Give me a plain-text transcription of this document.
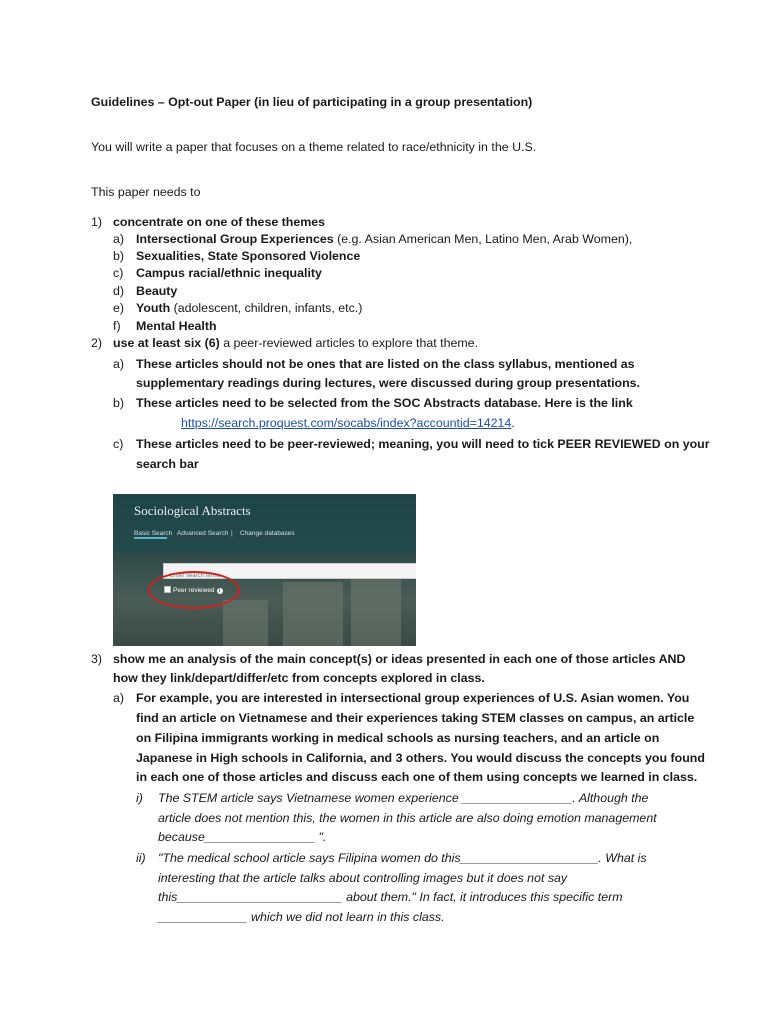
Guidelines – Opt-out Paper (in lieu of participating in a group presentation)
You will write a paper that focuses on a theme related to race/ethnicity in the U.S.
This paper needs to
1) concentrate on one of these themes
a) Intersectional Group Experiences (e.g. Asian American Men, Latino Men, Arab Women),
b) Sexualities, State Sponsored Violence
c) Campus racial/ethnic inequality
d) Beauty
e) Youth (adolescent, children, infants, etc.)
f) Mental Health
2) use at least six (6) a peer-reviewed articles to explore that theme.
a) These articles should not be ones that are listed on the class syllabus, mentioned as
supplementary readings during lectures, were discussed during group presentations.
b) These articles need to be selected from the SOC Abstracts database. Here is the link
https://search.proquest.com/socabs/index?accountid=14214.
c) These articles need to be peer-reviewed; meaning, you will need to tick PEER REVIEWED on your
search bar
Sociological Abstracts
Basic Search Advanced Search | Change databases
Enter search terms
Peer reviewed i
3) show me an analysis of the main concept(s) or ideas presented in each one of those articles AND
how they link/depart/differ/etc from concepts explored in class.
a) For example, you are interested in intersectional group experiences of U.S. Asian women. You
find an article on Vietnamese and their experiences taking STEM classes on campus, an article
on Filipina immigrants working in medical schools as nursing teachers, and an article on
Japanese in High schools in California, and 3 others. You would discuss the concepts you found
in each one of those articles and discuss each one of them using concepts we learned in class.
i) The STEM article says Vietnamese women experience ________________. Although the
article does not mention this, the women in this article are also doing emotion management
because________________ ".
ii) "The medical school article says Filipina women do this____________________. What is
interesting that the article talks about controlling images but it does not say
this________________________ about them." In fact, it introduces this specific term
_____________ which we did not learn in this class.
